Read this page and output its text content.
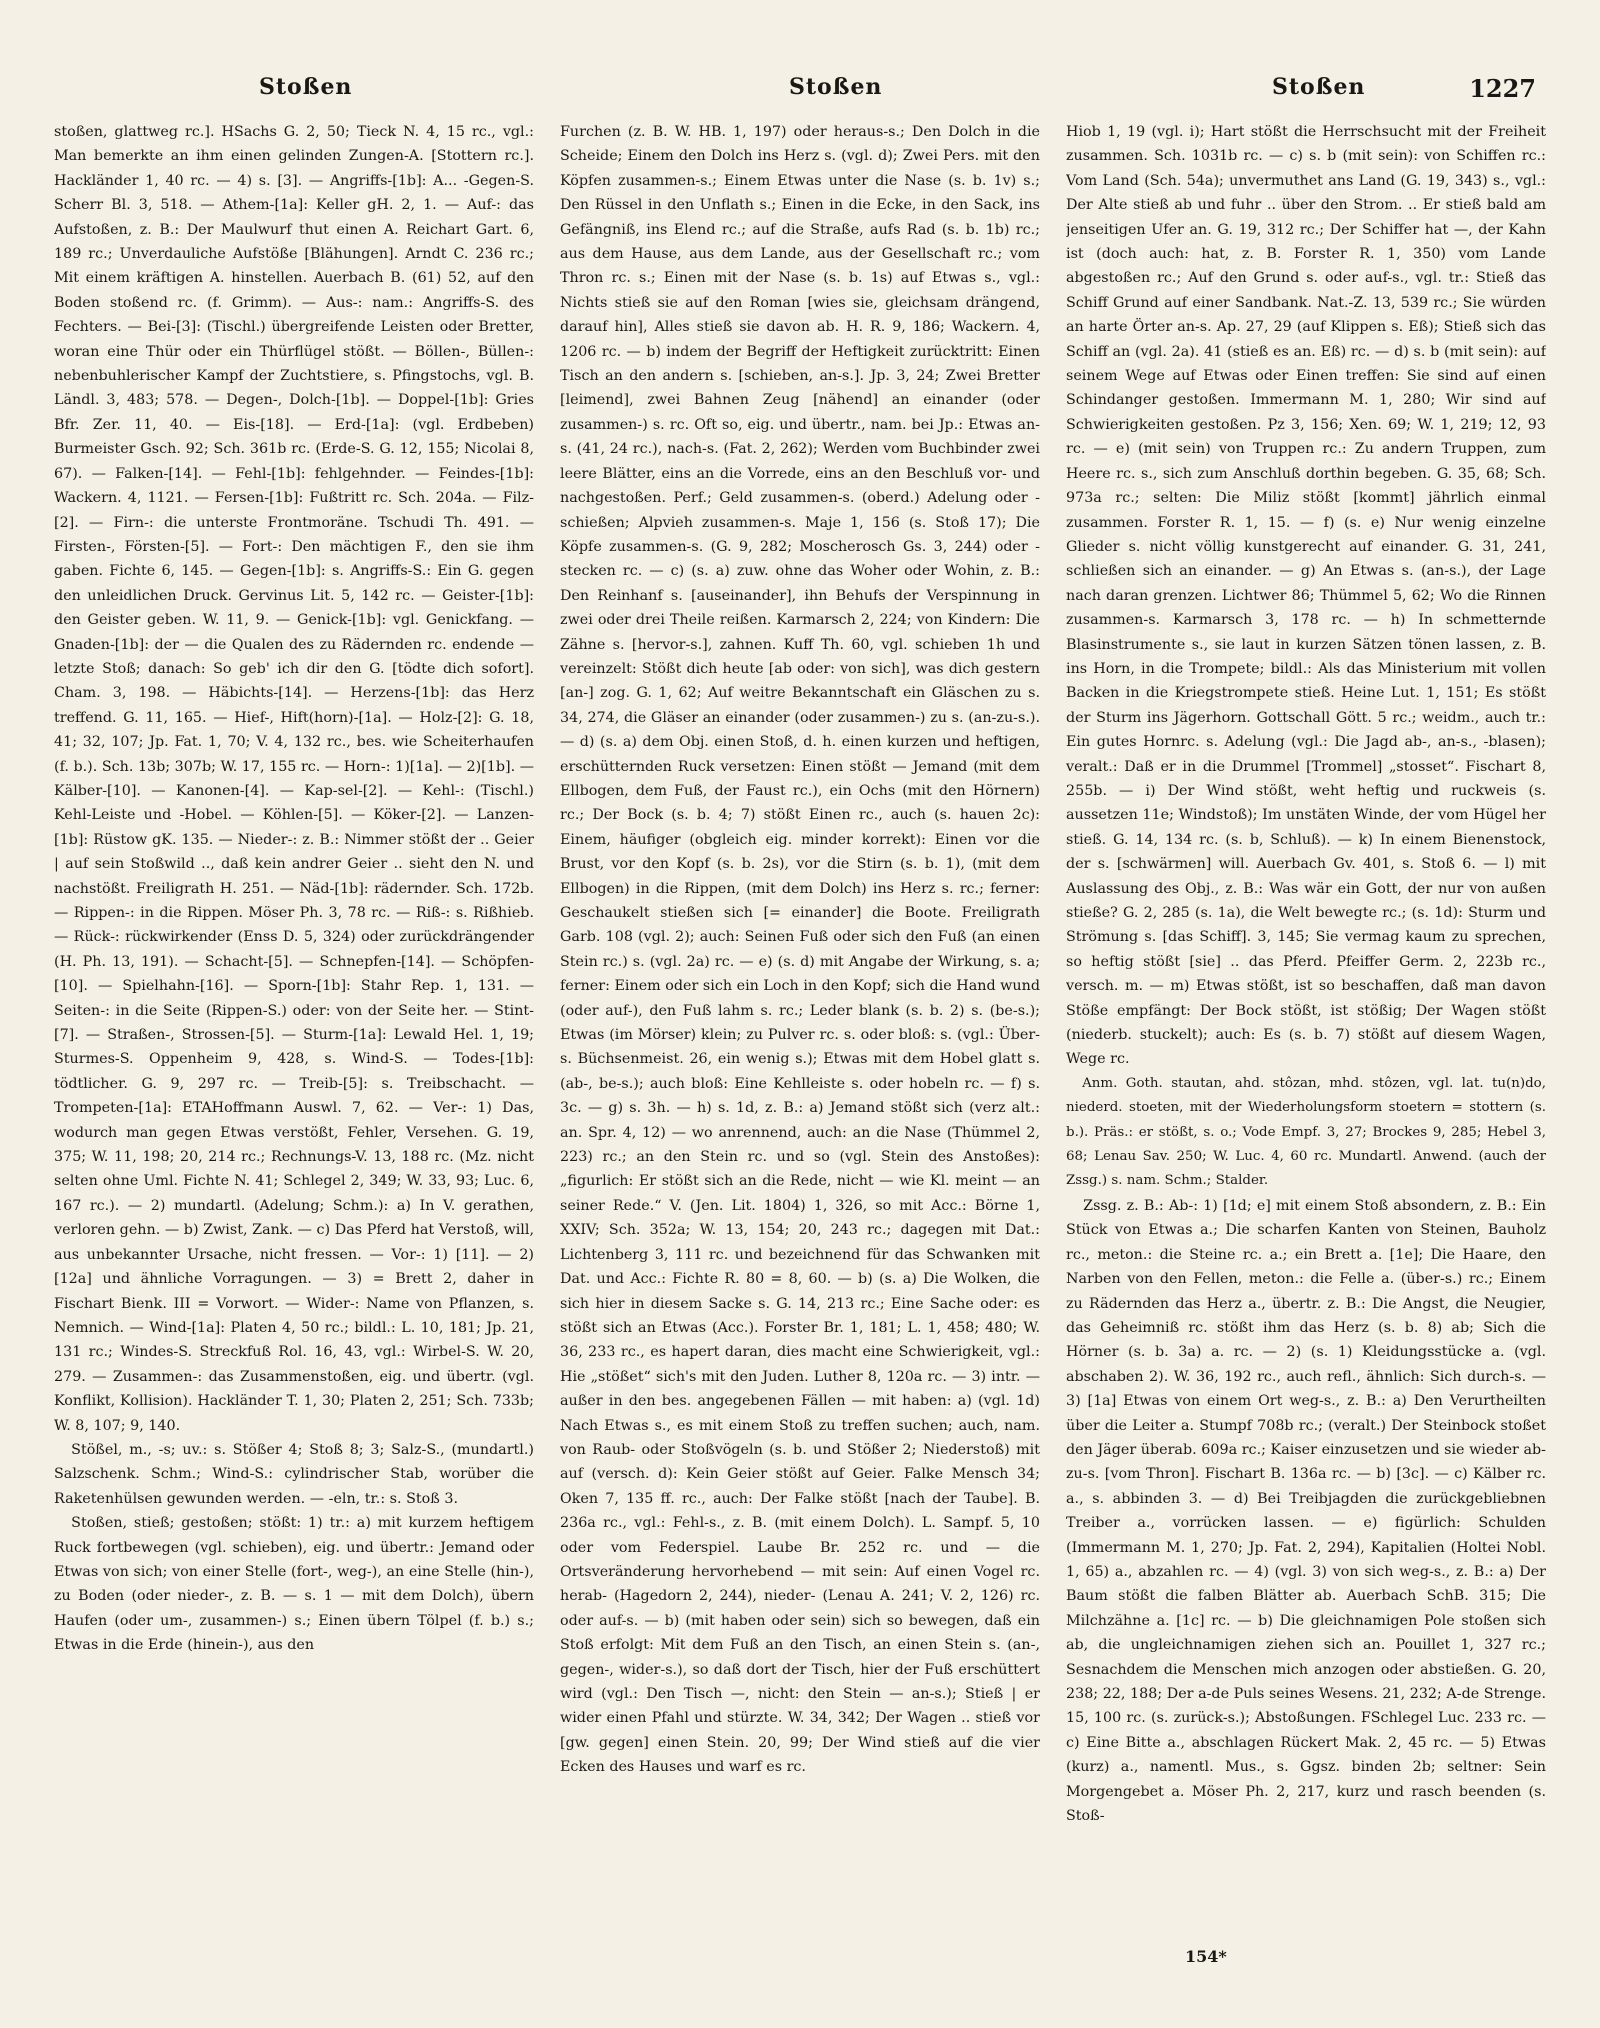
Stoßen	Stoßen	Stoßen	1227

stoßen, glattweg rc.]. HSachs G. 2, 50; Tieck N. 4, 15 rc., vgl.: Man bemerkte an ihm einen gelinden Zungen-A. [Stottern rc.]. Hackländer 1, 40 rc. — 4) s. [3]. — Angriffs-[1b]: A... -Gegen-S. Scherr Bl. 3, 518. — Athem-[1a]: Keller gH. 2, 1. — Auf-: das Aufstoßen, z. B.: Der Maulwurf thut einen A. Reichart Gart. 6, 189 rc.; Unverdauliche Aufstöße [Blähungen]. Arndt C. 236 rc.; Mit einem kräftigen A. hinstellen. Auerbach B. (61) 52, auf den Boden stoßend rc. (f. Grimm). — Aus-: nam.: Angriffs-S. des Fechters. — Bei-[3]: (Tischl.) übergreifende Leisten oder Bretter, woran eine Thür oder ein Thürflügel stößt. — Böllen-, Büllen-: nebenbuhlerischer Kampf der Zuchtstiere, s. Pfingstochs, vgl. B. Ländl. 3, 483; 578. — Degen-, Dolch-[1b]. — Doppel-[1b]: Gries Bfr. Zer. 11, 40. — Eis-[18]. — Erd-[1a]: (vgl. Erdbeben) Burmeister Gsch. 92; Sch. 361b rc. (Erde-S. G. 12, 155; Nicolai 8, 67). — Falken-[14]. — Fehl-[1b]: fehlgehnder. — Feindes-[1b]: Wackern. 4, 1121. — Fersen-[1b]: Fußtritt rc. Sch. 204a. — Filz-[2]. — Firn-: die unterste Frontmoräne. Tschudi Th. 491. — Firsten-, Försten-[5]. — Fort-: Den mächtigen F., den sie ihm gaben. Fichte 6, 145. — Gegen-[1b]: s. Angriffs-S.: Ein G. gegen den unleidlichen Druck. Gervinus Lit. 5, 142 rc. — Geister-[1b]: den Geister geben. W. 11, 9. — Genick-[1b]: vgl. Genickfang. — Gnaden-[1b]: der — die Qualen des zu Rädernden rc. endende — letzte Stoß; danach: So geb' ich dir den G. [tödte dich sofort]. Cham. 3, 198. — Häbichts-[14]. — Herzens-[1b]: das Herz treffend. G. 11, 165. — Hief-, Hift(horn)-[1a]. — Holz-[2]: G. 18, 41; 32, 107; Jp. Fat. 1, 70; V. 4, 132 rc., bes. wie Scheiterhaufen (f. b.). Sch. 13b; 307b; W. 17, 155 rc. — Horn-: 1)[1a]. — 2)[1b]. — Kälber-[10]. — Kanonen-[4]. — Kap-sel-[2]. — Kehl-: (Tischl.) Kehl-Leiste und -Hobel. — Köhlen-[5]. — Köker-[2]. — Lanzen-[1b]: Rüstow gK. 135. — Nieder-: z. B.: Nimmer stößt der .. Geier | auf sein Stoßwild .., daß kein andrer Geier .. sieht den N. und nachstößt. Freiligrath H. 251. — Näd-[1b]: rädernder. Sch. 172b. — Rippen-: in die Rippen. Möser Ph. 3, 78 rc. — Riß-: s. Rißhieb. — Rück-: rückwirkender (Enss D. 5, 324) oder zurückdrängender (H. Ph. 13, 191). — Schacht-[5]. — Schnepfen-[14]. — Schöpfen-[10]. — Spielhahn-[16]. — Sporn-[1b]: Stahr Rep. 1, 131. — Seiten-: in die Seite (Rippen-S.) oder: von der Seite her. — Stint-[7]. — Straßen-, Strossen-[5]. — Sturm-[1a]: Lewald Hel. 1, 19; Sturmes-S. Oppenheim 9, 428, s. Wind-S. — Todes-[1b]: tödtlicher. G. 9, 297 rc. — Treib-[5]: s. Treibschacht. — Trompeten-[1a]: ETAHoffmann Auswl. 7, 62. — Ver-: 1) Das, wodurch man gegen Etwas verstößt, Fehler, Versehen. G. 19, 375; W. 11, 198; 20, 214 rc.; Rechnungs-V. 13, 188 rc. (Mz. nicht selten ohne Uml. Fichte N. 41; Schlegel 2, 349; W. 33, 93; Luc. 6, 167 rc.). — 2) mundartl. (Adelung; Schm.): a) In V. gerathen, verloren gehn. — b) Zwist, Zank. — c) Das Pferd hat Verstoß, will, aus unbekannter Ursache, nicht fressen. — Vor-: 1) [11]. — 2) [12a] und ähnliche Vorragungen. — 3) = Brett 2, daher in Fischart Bienk. III = Vorwort. — Wider-: Name von Pflanzen, s. Nemnich. — Wind-[1a]: Platen 4, 50 rc.; bildl.: L. 10, 181; Jp. 21, 131 rc.; Windes-S. Streckfuß Rol. 16, 43, vgl.: Wirbel-S. W. 20, 279. — Zusammen-: das Zusammenstoßen, eig. und übertr. (vgl. Konflikt, Kollision). Hackländer T. 1, 30; Platen 2, 251; Sch. 733b; W. 8, 107; 9, 140.

Stößel, m., -s; uv.: s. Stößer 4; Stoß 8; 3; Salz-S., (mundartl.) Salzschenk. Schm.; Wind-S.: cylindrischer Stab, worüber die Raketenhülsen gewunden werden. — -eln, tr.: s. Stoß 3.

Stoßen, stieß; gestoßen; stößt: 1) tr.: a) mit kurzem heftigem Ruck fortbewegen (vgl. schieben), eig. und übertr.: Jemand oder Etwas von sich; von einer Stelle (fort-, weg-), an eine Stelle (hin-), zu Boden (oder nieder-, z. B. — s. 1 — mit dem Dolch), übern Haufen (oder um-, zusammen-) s.; Einen übern Tölpel (f. b.) s.; Etwas in die Erde (hinein-), aus den

Furchen (z. B. W. HB. 1, 197) oder heraus-s.; Den Dolch in die Scheide; Einem den Dolch ins Herz s. (vgl. d); Zwei Pers. mit den Köpfen zusammen-s.; Einem Etwas unter die Nase (s. b. 1v) s.; Den Rüssel in den Unflath s.; Einen in die Ecke, in den Sack, ins Gefängniß, ins Elend rc.; auf die Straße, aufs Rad (s. b. 1b) rc.; aus dem Hause, aus dem Lande, aus der Gesellschaft rc.; vom Thron rc. s.; Einen mit der Nase (s. b. 1s) auf Etwas s., vgl.: Nichts stieß sie auf den Roman [wies sie, gleichsam drängend, darauf hin], Alles stieß sie davon ab. H. R. 9, 186; Wackern. 4, 1206 rc. — b) indem der Begriff der Heftigkeit zurücktritt: Einen Tisch an den andern s. [schieben, an-s.]. Jp. 3, 24; Zwei Bretter [leimend], zwei Bahnen Zeug [nähend] an einander (oder zusammen-) s. rc. Oft so, eig. und übertr., nam. bei Jp.: Etwas an-s. (41, 24 rc.), nach-s. (Fat. 2, 262); Werden vom Buchbinder zwei leere Blätter, eins an die Vorrede, eins an den Beschluß vor- und nachgestoßen. Perf.; Geld zusammen-s. (oberd.) Adelung oder -schießen; Alpvieh zusammen-s. Maje 1, 156 (s. Stoß 17); Die Köpfe zusammen-s. (G. 9, 282; Moscherosch Gs. 3, 244) oder -stecken rc. — c) (s. a) zuw. ohne das Woher oder Wohin, z. B.: Den Reinhanf s. [auseinander], ihn Behufs der Verspinnung in zwei oder drei Theile reißen. Karmarsch 2, 224; von Kindern: Die Zähne s. [hervor-s.], zahnen. Kuff Th. 60, vgl. schieben 1h und vereinzelt: Stößt dich heute [ab oder: von sich], was dich gestern [an-] zog. G. 1, 62; Auf weitre Bekanntschaft ein Gläschen zu s. 34, 274, die Gläser an einander (oder zusammen-) zu s. (an-zu-s.). — d) (s. a) dem Obj. einen Stoß, d. h. einen kurzen und heftigen, erschütternden Ruck versetzen: Einen stößt — Jemand (mit dem Ellbogen, dem Fuß, der Faust rc.), ein Ochs (mit den Hörnern) rc.; Der Bock (s. b. 4; 7) stößt Einen rc., auch (s. hauen 2c): Einem, häufiger (obgleich eig. minder korrekt): Einen vor die Brust, vor den Kopf (s. b. 2s), vor die Stirn (s. b. 1), (mit dem Ellbogen) in die Rippen, (mit dem Dolch) ins Herz s. rc.; ferner: Geschaukelt stießen sich [= einander] die Boote. Freiligrath Garb. 108 (vgl. 2); auch: Seinen Fuß oder sich den Fuß (an einen Stein rc.) s. (vgl. 2a) rc. — e) (s. d) mit Angabe der Wirkung, s. a; ferner: Einem oder sich ein Loch in den Kopf; sich die Hand wund (oder auf-), den Fuß lahm s. rc.; Leder blank (s. b. 2) s. (be-s.); Etwas (im Mörser) klein; zu Pulver rc. s. oder bloß: s. (vgl.: Über-s. Büchsenmeist. 26, ein wenig s.); Etwas mit dem Hobel glatt s. (ab-, be-s.); auch bloß: Eine Kehlleiste s. oder hobeln rc. — f) s. 3c. — g) s. 3h. — h) s. 1d, z. B.: a) Jemand stößt sich (verz alt.: an. Spr. 4, 12) — wo anrennend, auch: an die Nase (Thümmel 2, 223) rc.; an den Stein rc. und so (vgl. Stein des Anstoßes): „figurlich: Er stößt sich an die Rede, nicht — wie Kl. meint — an seiner Rede.“ V. (Jen. Lit. 1804) 1, 326, so mit Acc.: Börne 1, XXIV; Sch. 352a; W. 13, 154; 20, 243 rc.; dagegen mit Dat.: Lichtenberg 3, 111 rc. und bezeichnend für das Schwanken mit Dat. und Acc.: Fichte R. 80 = 8, 60. — b) (s. a) Die Wolken, die sich hier in diesem Sacke s. G. 14, 213 rc.; Eine Sache oder: es stößt sich an Etwas (Acc.). Forster Br. 1, 181; L. 1, 458; 480; W. 36, 233 rc., es hapert daran, dies macht eine Schwierigkeit, vgl.: Hie „stößet“ sich's mit den Juden. Luther 8, 120a rc. — 3) intr. — außer in den bes. angegebenen Fällen — mit haben: a) (vgl. 1d) Nach Etwas s., es mit einem Stoß zu treffen suchen; auch, nam. von Raub- oder Stoßvögeln (s. b. und Stößer 2; Niederstoß) mit auf (versch. d): Kein Geier stößt auf Geier. Falke Mensch 34; Oken 7, 135 ff. rc., auch: Der Falke stößt [nach der Taube]. B. 236a rc., vgl.: Fehl-s., z. B. (mit einem Dolch). L. Sampf. 5, 10 oder vom Federspiel. Laube Br. 252 rc. und — die Ortsveränderung hervorhebend — mit sein: Auf einen Vogel rc. herab- (Hagedorn 2, 244), nieder- (Lenau A. 241; V. 2, 126) rc. oder auf-s. — b) (mit haben oder sein) sich so bewegen, daß ein Stoß erfolgt: Mit dem Fuß an den Tisch, an einen Stein s. (an-, gegen-, wider-s.), so daß dort der Tisch, hier der Fuß erschüttert wird (vgl.: Den Tisch —, nicht: den Stein — an-s.); Stieß | er wider einen Pfahl und stürzte. W. 34, 342; Der Wagen .. stieß vor [gw. gegen] einen Stein. 20, 99; Der Wind stieß auf die vier Ecken des Hauses und warf es rc.

Hiob 1, 19 (vgl. i); Hart stößt die Herrschsucht mit der Freiheit zusammen. Sch. 1031b rc. — c) s. b (mit sein): von Schiffen rc.: Vom Land (Sch. 54a); unvermuthet ans Land (G. 19, 343) s., vgl.: Der Alte stieß ab und fuhr .. über den Strom. .. Er stieß bald am jenseitigen Ufer an. G. 19, 312 rc.; Der Schiffer hat —, der Kahn ist (doch auch: hat, z. B. Forster R. 1, 350) vom Lande abgestoßen rc.; Auf den Grund s. oder auf-s., vgl. tr.: Stieß das Schiff Grund auf einer Sandbank. Nat.-Z. 13, 539 rc.; Sie würden an harte Örter an-s. Ap. 27, 29 (auf Klippen s. Eß); Stieß sich das Schiff an (vgl. 2a). 41 (stieß es an. Eß) rc. — d) s. b (mit sein): auf seinem Wege auf Etwas oder Einen treffen: Sie sind auf einen Schindanger gestoßen. Immermann M. 1, 280; Wir sind auf Schwierigkeiten gestoßen. Pz 3, 156; Xen. 69; W. 1, 219; 12, 93 rc. — e) (mit sein) von Truppen rc.: Zu andern Truppen, zum Heere rc. s., sich zum Anschluß dorthin begeben. G. 35, 68; Sch. 973a rc.; selten: Die Miliz stößt [kommt] jährlich einmal zusammen. Forster R. 1, 15. — f) (s. e) Nur wenig einzelne Glieder s. nicht völlig kunstgerecht auf einander. G. 31, 241, schließen sich an einander. — g) An Etwas s. (an-s.), der Lage nach daran grenzen. Lichtwer 86; Thümmel 5, 62; Wo die Rinnen zusammen-s. Karmarsch 3, 178 rc. — h) In schmetternde Blasinstrumente s., sie laut in kurzen Sätzen tönen lassen, z. B. ins Horn, in die Trompete; bildl.: Als das Ministerium mit vollen Backen in die Kriegstrompete stieß. Heine Lut. 1, 151; Es stößt der Sturm ins Jägerhorn. Gottschall Gött. 5 rc.; weidm., auch tr.: Ein gutes Hornrc. s. Adelung (vgl.: Die Jagd ab-, an-s., -blasen); veralt.: Daß er in die Drummel [Trommel] „stosset“. Fischart 8, 255b. — i) Der Wind stößt, weht heftig und ruckweis (s. aussetzen 11e; Windstoß); Im unstäten Winde, der vom Hügel her stieß. G. 14, 134 rc. (s. b, Schluß). — k) In einem Bienenstock, der s. [schwärmen] will. Auerbach Gv. 401, s. Stoß 6. — l) mit Auslassung des Obj., z. B.: Was wär ein Gott, der nur von außen stieße? G. 2, 285 (s. 1a), die Welt bewegte rc.; (s. 1d): Sturm und Strömung s. [das Schiff]. 3, 145; Sie vermag kaum zu sprechen, so heftig stößt [sie] .. das Pferd. Pfeiffer Germ. 2, 223b rc., versch. m. — m) Etwas stößt, ist so beschaffen, daß man davon Stöße empfängt: Der Bock stößt, ist stößig; Der Wagen stößt (niederb. stuckelt); auch: Es (s. b. 7) stößt auf diesem Wagen, Wege rc.

Anm. Goth. stautan, ahd. stôzan, mhd. stôzen, vgl. lat. tu(n)do, niederd. stoeten, mit der Wiederholungsform stoetern = stottern (s. b.). Präs.: er stößt, s. o.; Vode Empf. 3, 27; Brockes 9, 285; Hebel 3, 68; Lenau Sav. 250; W. Luc. 4, 60 rc. Mundartl. Anwend. (auch der Zssg.) s. nam. Schm.; Stalder.

Zssg. z. B.: Ab-: 1) [1d; e] mit einem Stoß absondern, z. B.: Ein Stück von Etwas a.; Die scharfen Kanten von Steinen, Bauholz rc., meton.: die Steine rc. a.; ein Brett a. [1e]; Die Haare, den Narben von den Fellen, meton.: die Felle a. (über-s.) rc.; Einem zu Rädernden das Herz a., übertr. z. B.: Die Angst, die Neugier, das Geheimniß rc. stößt ihm das Herz (s. b. 8) ab; Sich die Hörner (s. b. 3a) a. rc. — 2) (s. 1) Kleidungsstücke a. (vgl. abschaben 2). W. 36, 192 rc., auch refl., ähnlich: Sich durch-s. — 3) [1a] Etwas von einem Ort weg-s., z. B.: a) Den Verurtheilten über die Leiter a. Stumpf 708b rc.; (veralt.) Der Steinbock stoßet den Jäger überab. 609a rc.; Kaiser einzusetzen und sie wieder ab-zu-s. [vom Thron]. Fischart B. 136a rc. — b) [3c]. — c) Kälber rc. a., s. abbinden 3. — d) Bei Treibjagden die zurückgebliebnen Treiber a., vorrücken lassen. — e) figürlich: Schulden (Immermann M. 1, 270; Jp. Fat. 2, 294), Kapitalien (Holtei Nobl. 1, 65) a., abzahlen rc. — 4) (vgl. 3) von sich weg-s., z. B.: a) Der Baum stößt die falben Blätter ab. Auerbach SchB. 315; Die Milchzähne a. [1c] rc. — b) Die gleichnamigen Pole stoßen sich ab, die ungleichnamigen ziehen sich an. Pouillet 1, 327 rc.; Sesnachdem die Menschen mich anzogen oder abstießen. G. 20, 238; 22, 188; Der a-de Puls seines Wesens. 21, 232; A-de Strenge. 15, 100 rc. (s. zurück-s.); Abstoßungen. FSchlegel Luc. 233 rc. — c) Eine Bitte a., abschlagen Rückert Mak. 2, 45 rc. — 5) Etwas (kurz) a., namentl. Mus., s. Ggsz. binden 2b; seltner: Sein Morgengebet a. Möser Ph. 2, 217, kurz und rasch beenden (s. Stoß-

154*
